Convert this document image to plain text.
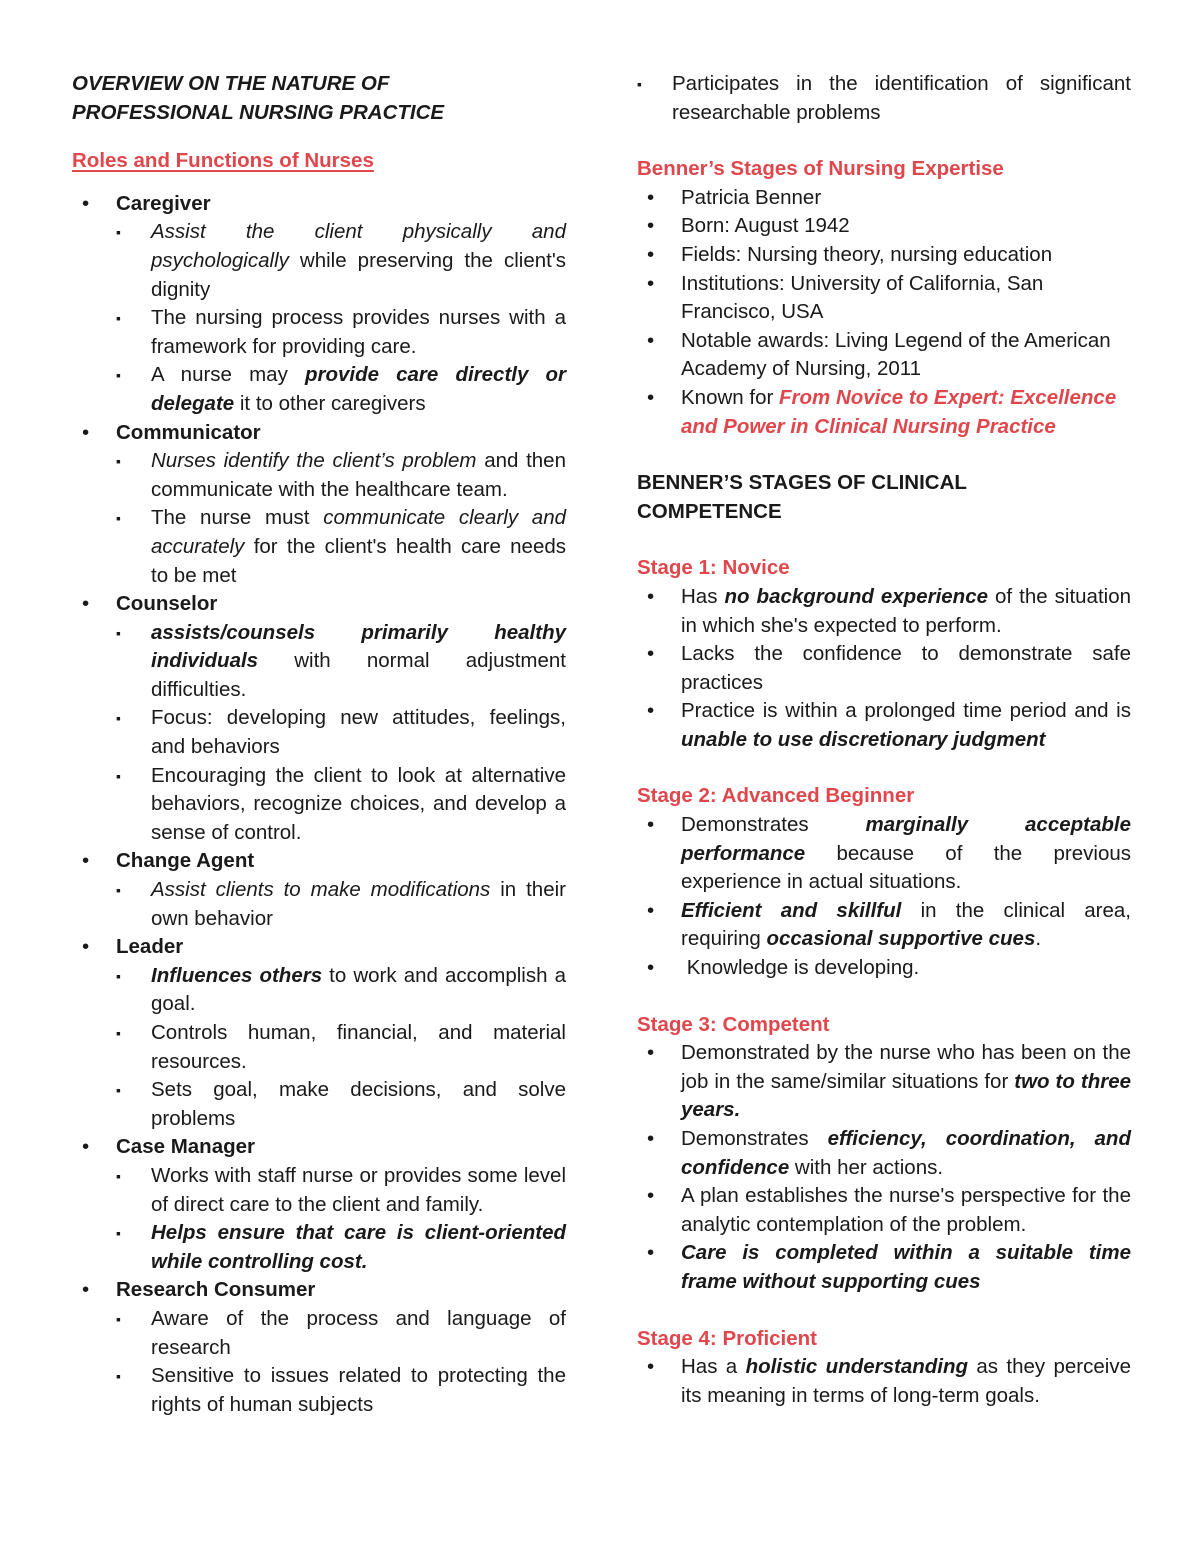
OVERVIEW ON THE NATURE OF
PROFESSIONAL NURSING PRACTICE
Roles and Functions of Nurses
• Caregiver
▪ Assist the client physically and psychologically while preserving the client's dignity
▪ The nursing process provides nurses with a framework for providing care.
▪ A nurse may provide care directly or delegate it to other caregivers
• Communicator
▪ Nurses identify the client’s problem and then communicate with the healthcare team.
▪ The nurse must communicate clearly and accurately for the client's health care needs to be met
• Counselor
▪ assists/counsels primarily healthy individuals with normal adjustment difficulties.
▪ Focus: developing new attitudes, feelings, and behaviors
▪ Encouraging the client to look at alternative behaviors, recognize choices, and develop a sense of control.
• Change Agent
▪ Assist clients to make modifications in their own behavior
• Leader
▪ Influences others to work and accomplish a goal.
▪ Controls human, financial, and material resources.
▪ Sets goal, make decisions, and solve problems
• Case Manager
▪ Works with staff nurse or provides some level of direct care to the client and family.
▪ Helps ensure that care is client-oriented while controlling cost.
• Research Consumer
▪ Aware of the process and language of research
▪ Sensitive to issues related to protecting the rights of human subjects
▪ Participates in the identification of significant researchable problems
Benner’s Stages of Nursing Expertise
• Patricia Benner
• Born: August 1942
• Fields: Nursing theory, nursing education
• Institutions: University of California, San Francisco, USA
• Notable awards: Living Legend of the American Academy of Nursing, 2011
• Known for From Novice to Expert: Excellence and Power in Clinical Nursing Practice
BENNER’S STAGES OF CLINICAL
COMPETENCE
Stage 1: Novice
• Has no background experience of the situation in which she's expected to perform.
• Lacks the confidence to demonstrate safe practices
• Practice is within a prolonged time period and is unable to use discretionary judgment
Stage 2: Advanced Beginner
• Demonstrates marginally acceptable performance because of the previous experience in actual situations.
• Efficient and skillful in the clinical area, requiring occasional supportive cues.
•  Knowledge is developing.
Stage 3: Competent
• Demonstrated by the nurse who has been on the job in the same/similar situations for two to three years.
• Demonstrates efficiency, coordination, and confidence with her actions.
• A plan establishes the nurse's perspective for the analytic contemplation of the problem.
• Care is completed within a suitable time frame without supporting cues
Stage 4: Proficient
• Has a holistic understanding as they perceive its meaning in terms of long-term goals.
